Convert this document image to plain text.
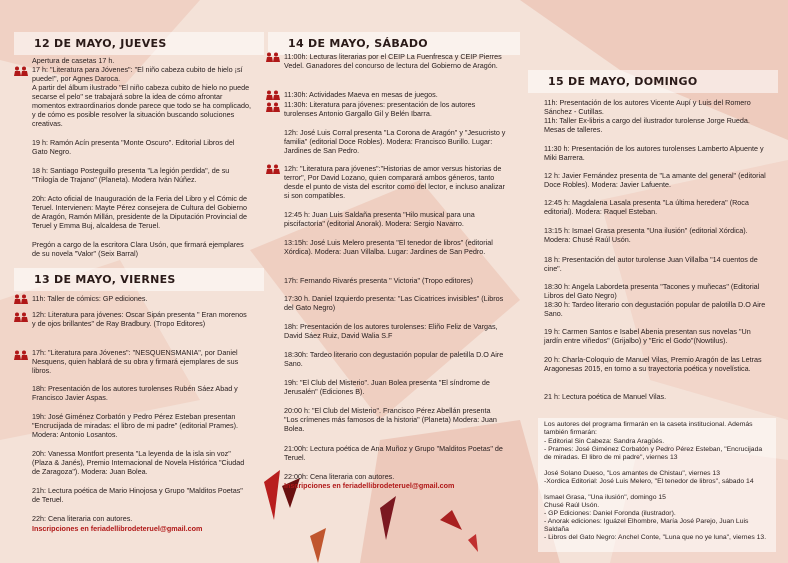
12 DE MAYO, JUEVES

Apertura de casetas 17 h.

17 h: "Literatura para Jóvenes": "El niño cabeza cubito de hielo ¡sí puede!", por Agnes Daroca.

A partir del álbum ilustrado "El niño cabeza cubito de hielo no puede secarse el pelo" se trabajará sobre la idea de cómo afrontar momentos extraordinarios donde parece que todo se ha complicado, y de cómo es posible resolver la situación buscando soluciones creativas.

19 h: Ramón Acín presenta "Monte Oscuro". Editorial Libros del Gato Negro.

18 h: Santiago Posteguillo presenta "La legión perdida", de su "Trilogía de Trajano" (Planeta). Modera Iván Núñez.

20h: Acto oficial de Inauguración de la Feria del Libro y el Cómic de Teruel. Intervienen: Mayte Pérez consejera de Cultura del Gobierno de Aragón, Ramón Millán, presidente de la Diputación Provincial de Teruel y Emma Buj, alcaldesa de Teruel.

Pregón a cargo de la escritora Clara Usón, que firmará ejemplares de su novela "Valor" (Seix Barral)

13 DE MAYO, VIERNES

11h: Taller de cómics: GP ediciones.

12h: Literatura para jóvenes: Oscar Sipán presenta " Eran morenos y de ojos brillantes" de Ray Bradbury. (Tropo Editores)

17h: "Literatura para Jóvenes": "NESQUENSMANIA", por Daniel Nesquens, quien hablará de su obra y firmará ejemplares de sus libros.

18h: Presentación de los autores turolenses Rubén Sáez Abad y Francisco Javier Aspas.

19h: José Giménez Corbatón y Pedro Pérez Esteban presentan "Encrucijada de miradas: el libro de mi padre" (editorial Prames). Modera: Antonio Losantos.

20h: Vanessa Montfort presenta "La leyenda de la isla sin voz" (Plaza & Janés), Premio Internacional de Novela Histórica "Ciudad de Zaragoza"). Modera: Juan Bolea.

21h: Lectura poética de Mario Hinojosa y Grupo "Malditos Poetas" de Teruel.

22h: Cena literaria con autores.

Inscripciones en feriadellibrodeteruel@gmail.com

14 DE MAYO, SÁBADO

11:00h: Lecturas literarias por el CEIP La Fuenfresca y CEIP Pierres Vedel. Ganadores del concurso de lectura del Gobierno de Aragón.

11:30h: Actividades Maeva en mesas de juegos.

11:30h: Literatura para jóvenes: presentación de los autores turolenses Antonio Gargallo Gil y Belén Ibarra.

12h: José Luis Corral presenta "La Corona de Aragón" y "Jesucristo y familia" (editorial Doce Robles). Modera: Francisco Burillo. Lugar: Jardines de San Pedro.

12h: "Literatura para jóvenes":"Historias de amor versus historias de terror", Por David Lozano, quien comparará ambos géneros, tanto desde el punto de vista del escritor como del lector, e incluso analizar si son compatibles.

12:45 h: Juan Luis Saldaña presenta "Hilo musical para una piscifactoría" (editorial Anorak). Modera: Sergio Navarro.

13:15h: José Luis Melero presenta "El tenedor de libros" (editorial Xórdica). Modera: Juan Villalba. Lugar: Jardines de San Pedro.

17h: Fernando Rivarés presenta " Victoria" (Tropo editores)

17:30 h. Daniel Izquierdo presenta: "Las Cicatrices invisibles" (Libros del Gato Negro)

18h: Presentación de los autores turolenses: Eliño Feliz de Vargas, David Sáez Ruiz, David Walia S.F

18:30h: Tardeo literario con degustación popular de paletilla D.O Aire Sano.

19h: "El Club del Misterio". Juan Bolea presenta "El síndrome de Jerusalén" (Ediciones B).

20:00 h: "El Club del Misterio". Francisco Pérez Abellán presenta "Los crímenes más famosos de la historia" (Planeta) Modera: Juan Bolea.

21:00h: Lectura poética de Ana Muñoz y Grupo "Malditos Poetas" de Teruel.

22:00h: Cena literaria con autores.

Inscripciones en feriadellibrodeteruel@gmail.com

15 DE MAYO, DOMINGO

11h: Presentación de los autores Vicente Aupí y Luis del Romero Sánchez - Cutillas.

11h: Taller Ex-libris a cargo del ilustrador turolense Jorge Rueda. Mesas de talleres.

11:30 h: Presentación de los autores turolenses Lamberto Alpuente y Miki Barrera.

12 h: Javier Fernández presenta de "La amante del general" (editorial Doce Robles). Modera: Javier Lafuente.

12:45 h: Magdalena Lasala presenta "La última heredera" (Roca editorial). Modera: Raquel Esteban.

13:15 h: Ismael Grasa presenta "Una ilusión" (editorial Xórdica). Modera: Chusé Raúl Usón.

18 h: Presentación del autor turolense Juan Villalba "14 cuentos de cine".

18:30 h: Angela Labordeta presenta "Tacones y muñecas" (Editorial Libros del Gato Negro)

18:30 h: Tardeo literario con degustación popular de palotilla D.O Aire Sano.

19 h: Carmen Santos e Isabel Abenia presentan sus novelas "Un jardín entre viñedos" (Grijalbo) y "Eric el Godo"(Nowtilus).

20 h: Charla-Coloquio de Manuel Vilas, Premio Aragón de las Letras Aragonesas 2015, en torno a su trayectoria poética y novelística.

21 h: Lectura poética de Manuel Vilas.

Los autores del programa firmarán en la caseta institucional. Además también firmarán:

- Editorial Sin Cabeza: Sandra Aragüés.

- Prames: José Giménez Corbatón y Pedro Pérez Esteban, "Encrucijada de miradas. El libro de mi padre", viernes 13

José Solano Dueso, "Los amantes de Chistau", viernes 13

-Xordica Editorial: José Luis Melero, "El tenedor de libros", sábado 14

Ismael Grasa, "Una ilusión", domingo 15

Chusé Raúl Usón.

- GP Ediciones: Daniel Foronda (ilustrador).

- Anorak ediciones: Iguázel Elhombre, María José Parejo, Juan Luis Saldaña

- Libros del Gato Negro: Anchel Conte, "Luna que no ye luna", viernes 13.
